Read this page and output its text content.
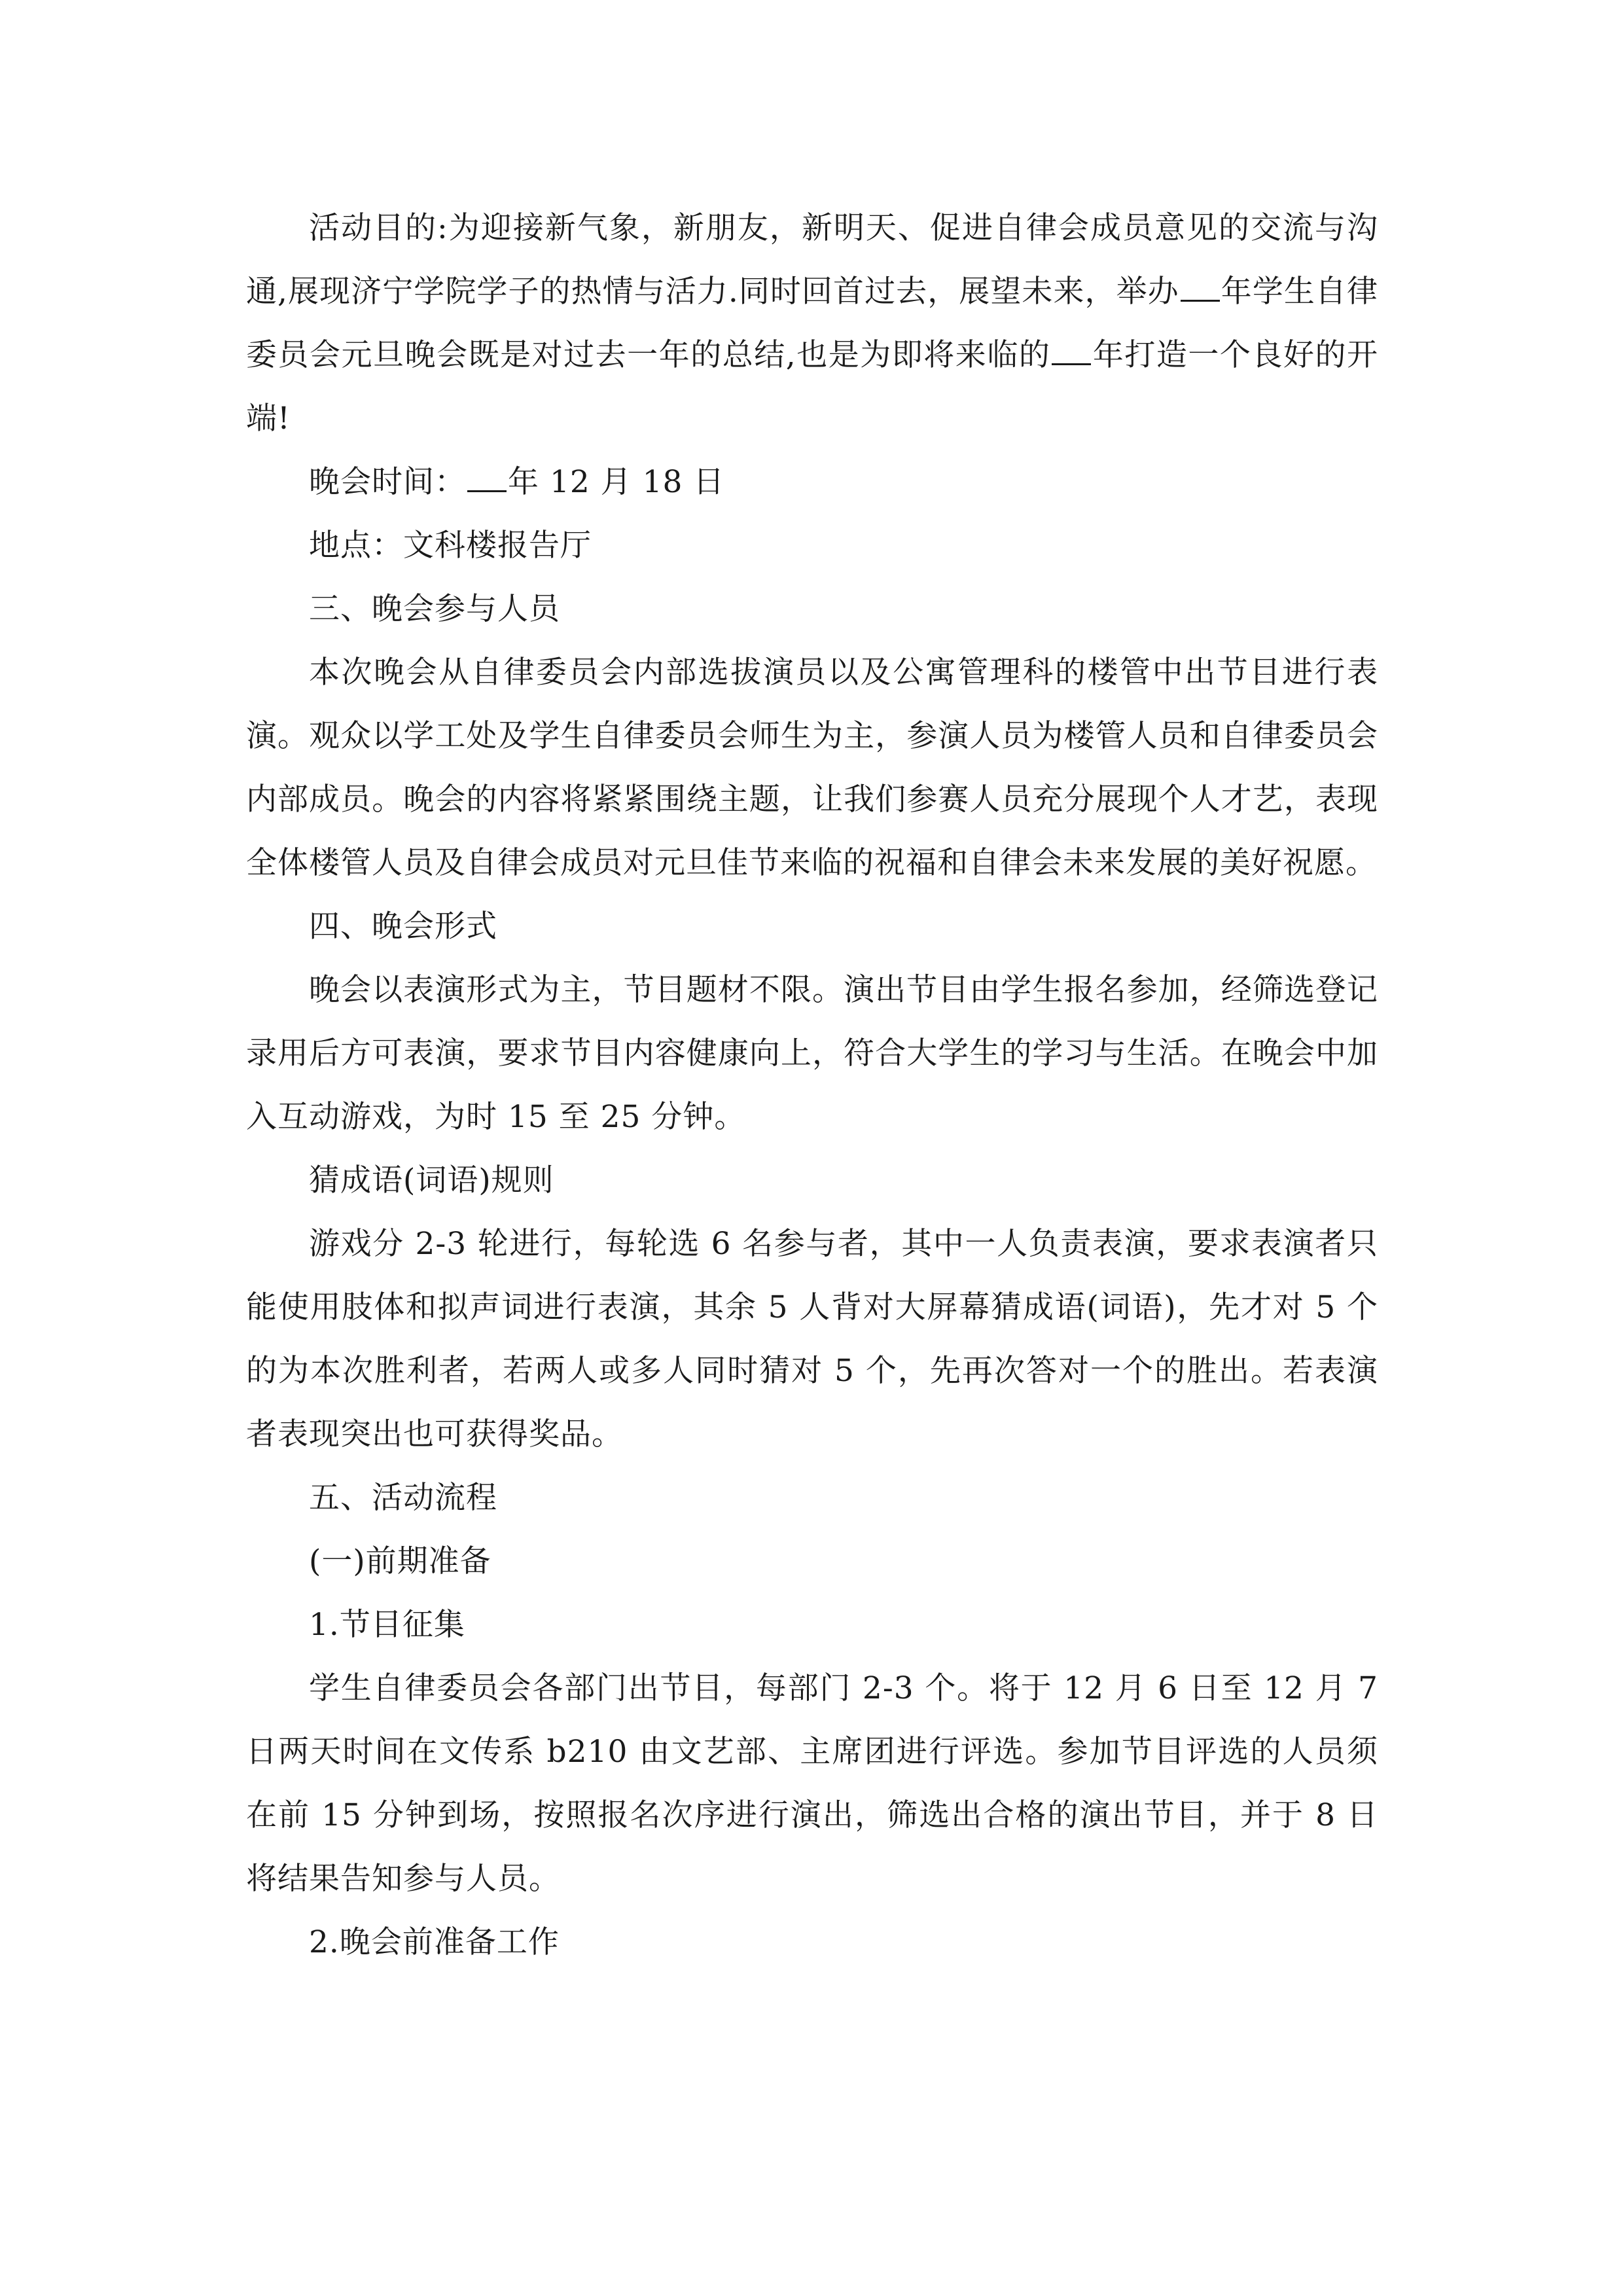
活动目的:为迎接新气象，新朋友，新明天、促进自律会成员意见的交流与沟通,展现济宁学院学子的热情与活力.同时回首过去，展望未来，举办 年学生自律委员会元旦晚会既是对过去一年的总结,也是为即将来临的 年打造一个良好的开端!

晚会时间： 年 12 月 18 日

地点：文科楼报告厅

三、晚会参与人员

本次晚会从自律委员会内部选拔演员以及公寓管理科的楼管中出节目进行表演。观众以学工处及学生自律委员会师生为主，参演人员为楼管人员和自律委员会内部成员。晚会的内容将紧紧围绕主题，让我们参赛人员充分展现个人才艺，表现全体楼管人员及自律会成员对元旦佳节来临的祝福和自律会未来发展的美好祝愿。

四、晚会形式

晚会以表演形式为主，节目题材不限。演出节目由学生报名参加，经筛选登记录用后方可表演，要求节目内容健康向上，符合大学生的学习与生活。在晚会中加入互动游戏，为时 15 至 25 分钟。

猜成语(词语)规则

游戏分 2-3 轮进行，每轮选 6 名参与者，其中一人负责表演，要求表演者只能使用肢体和拟声词进行表演，其余 5 人背对大屏幕猜成语(词语)，先才对 5 个的为本次胜利者，若两人或多人同时猜对 5 个，先再次答对一个的胜出。若表演者表现突出也可获得奖品。

五、活动流程

(一)前期准备

1.节目征集

学生自律委员会各部门出节目，每部门 2-3 个。将于 12 月 6 日至 12 月 7 日两天时间在文传系 b210 由文艺部、主席团进行评选。参加节目评选的人员须在前 15 分钟到场，按照报名次序进行演出，筛选出合格的演出节目，并于 8 日将结果告知参与人员。

2.晚会前准备工作
